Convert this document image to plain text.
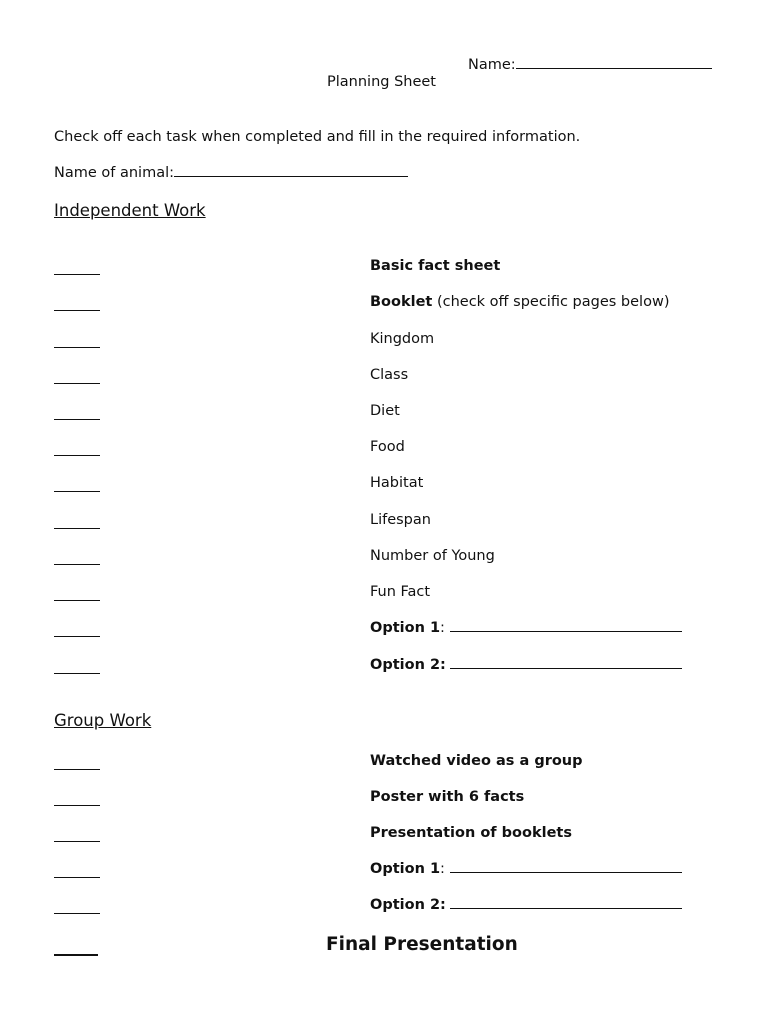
Name:
Planning Sheet
Check off each task when completed and fill in the required information.
Name of animal:
Independent Work
Basic fact sheet
Booklet (check off specific pages below)
Kingdom
Class
Diet
Food
Habitat
Lifespan
Number of Young
Fun Fact
Option 1:
Option 2:
Group Work
Watched video as a group
Poster with 6 facts
Presentation of booklets
Option 1:
Option 2:
Final Presentation
